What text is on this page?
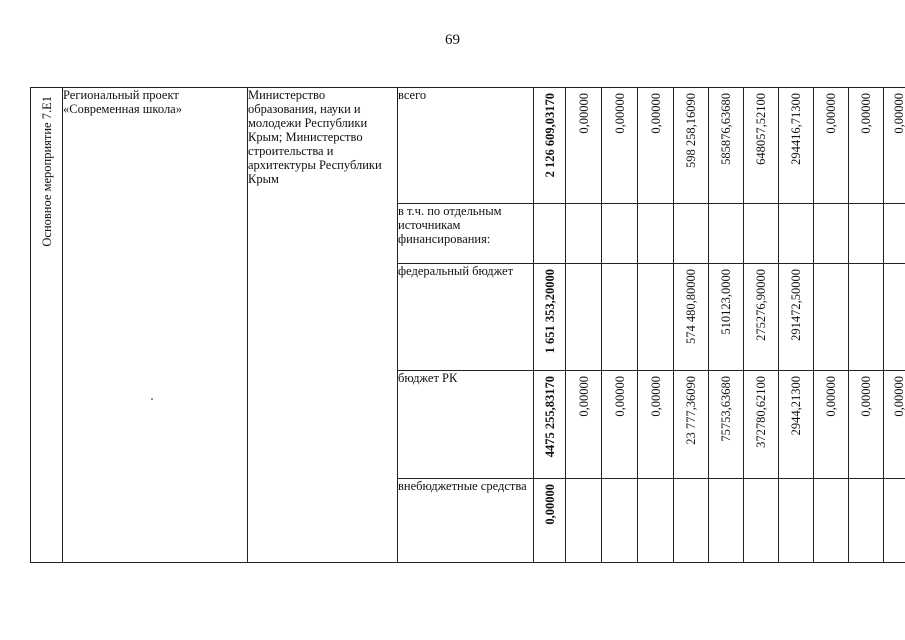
69
Основное мероприятие 7.E1	Региональный проект «Современная школа»	Министерство образования, науки и молодежи Республики Крым; Министерство строительства и архитектуры Республики Крым	всего	2 126 609,03170	0,00000	0,00000	0,00000	598 258,16090	585876,63680	648057,52100	294416,71300	0,00000	0,00000	0,00000

			в т.ч. по отдельным источникам финансирования:	

			федеральный бюджет	1 651 353,20000				574 480,80000	510123,0000	275276,90000	291472,50000			

			бюджет РК	4475 255,83170	0,00000	0,00000	0,00000	23 777,36090	75753,63680	372780,62100	2944,21300	0,00000	0,00000	0,00000

			внебюджетные средства	0,00000										
